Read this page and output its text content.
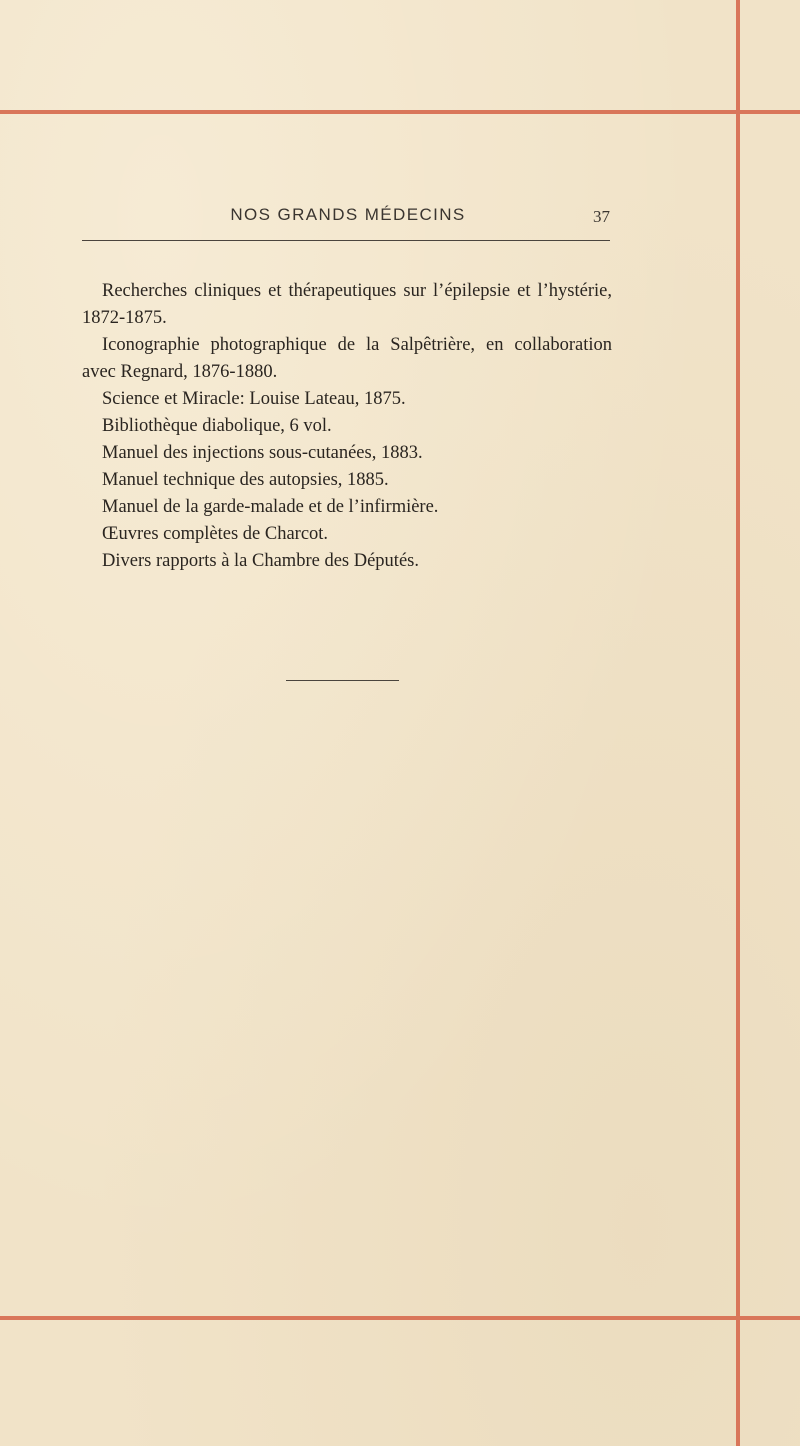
NOS GRANDS MÉDECINS	37

Recherches cliniques et thérapeutiques sur l’épilepsie et l’hystérie, 1872-1875.

Iconographie photographique de la Salpêtrière, en collaboration avec Regnard, 1876-1880.

Science et Miracle: Louise Lateau, 1875.

Bibliothèque diabolique, 6 vol.

Manuel des injections sous-cutanées, 1883.

Manuel technique des autopsies, 1885.

Manuel de la garde-malade et de l’infirmière.

Œuvres complètes de Charcot.

Divers rapports à la Chambre des Députés.
